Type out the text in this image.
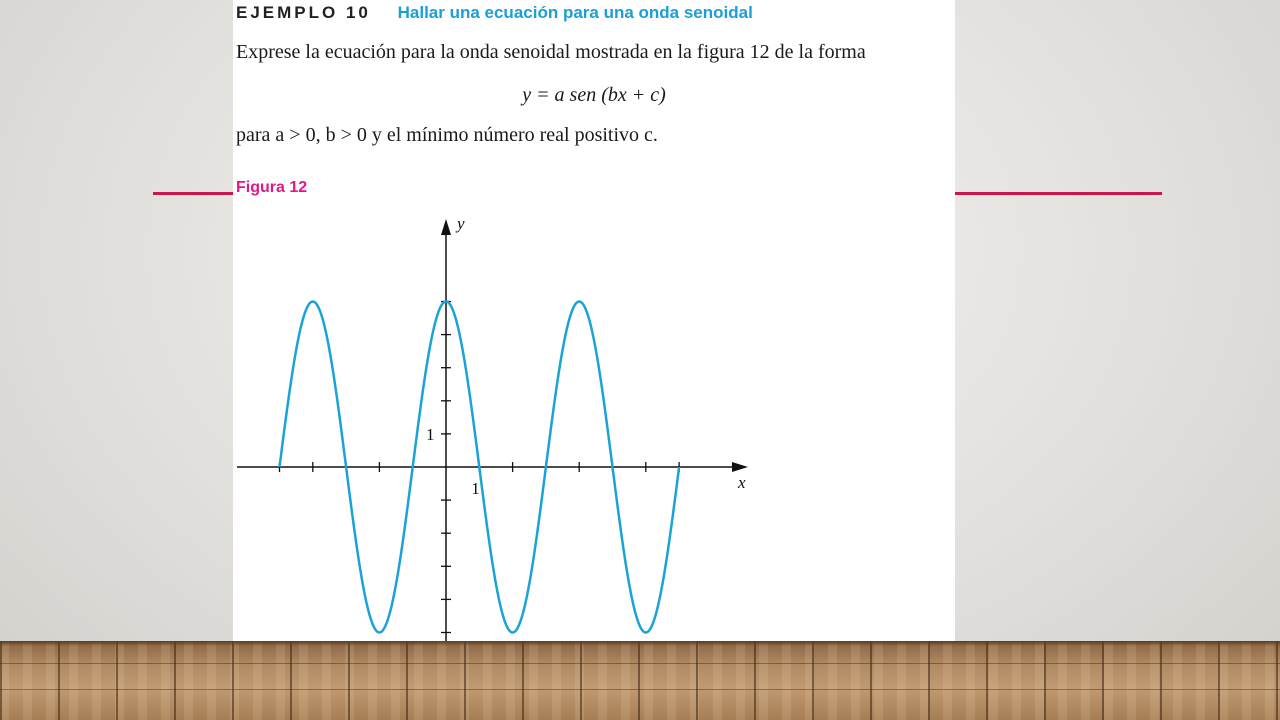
EJEMPLO 10 Hallar una ecuación para una onda senoidal
Exprese la ecuación para la onda senoidal mostrada en la figura 12 de la forma
y = a sen (bx + c)
para a > 0, b > 0 y el mínimo número real positivo c.
Figura 12
x
y
1
1
